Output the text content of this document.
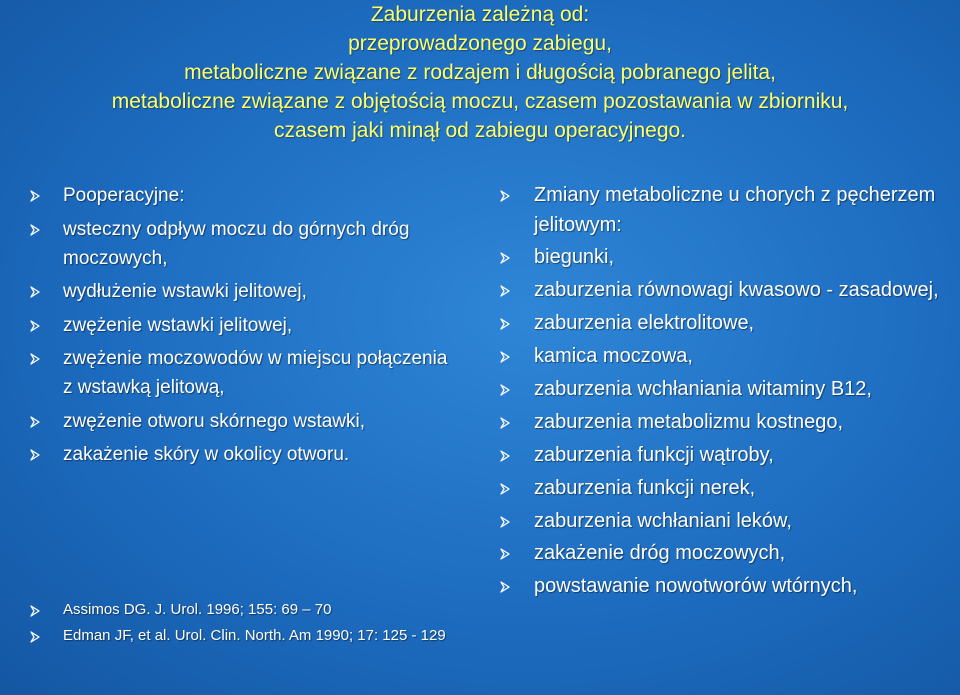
Zaburzenia zależną od:
przeprowadzonego zabiegu,
metaboliczne związane z rodzajem i długością pobranego jelita,
metaboliczne związane z objętością moczu, czasem pozostawania w zbiorniku,
czasem jaki minął od zabiegu operacyjnego.
Pooperacyjne:
wsteczny odpływ moczu do górnych dróg moczowych,
wydłużenie wstawki jelitowej,
zwężenie wstawki jelitowej,
zwężenie moczowodów w miejscu połączenia z wstawką jelitową,
zwężenie otworu skórnego wstawki,
zakażenie skóry w okolicy otworu.
Assimos DG. J. Urol. 1996; 155: 69 – 70
Edman JF, et al. Urol. Clin. North. Am 1990; 17: 125 - 129
Zmiany metaboliczne u chorych z pęcherzem jelitowym:
biegunki,
zaburzenia równowagi kwasowo - zasadowej,
zaburzenia elektrolitowe,
kamica moczowa,
zaburzenia wchłaniania witaminy B12,
zaburzenia metabolizmu kostnego,
zaburzenia funkcji wątroby,
zaburzenia funkcji nerek,
zaburzenia wchłaniani leków,
zakażenie dróg moczowych,
powstawanie nowotworów wtórnych,
